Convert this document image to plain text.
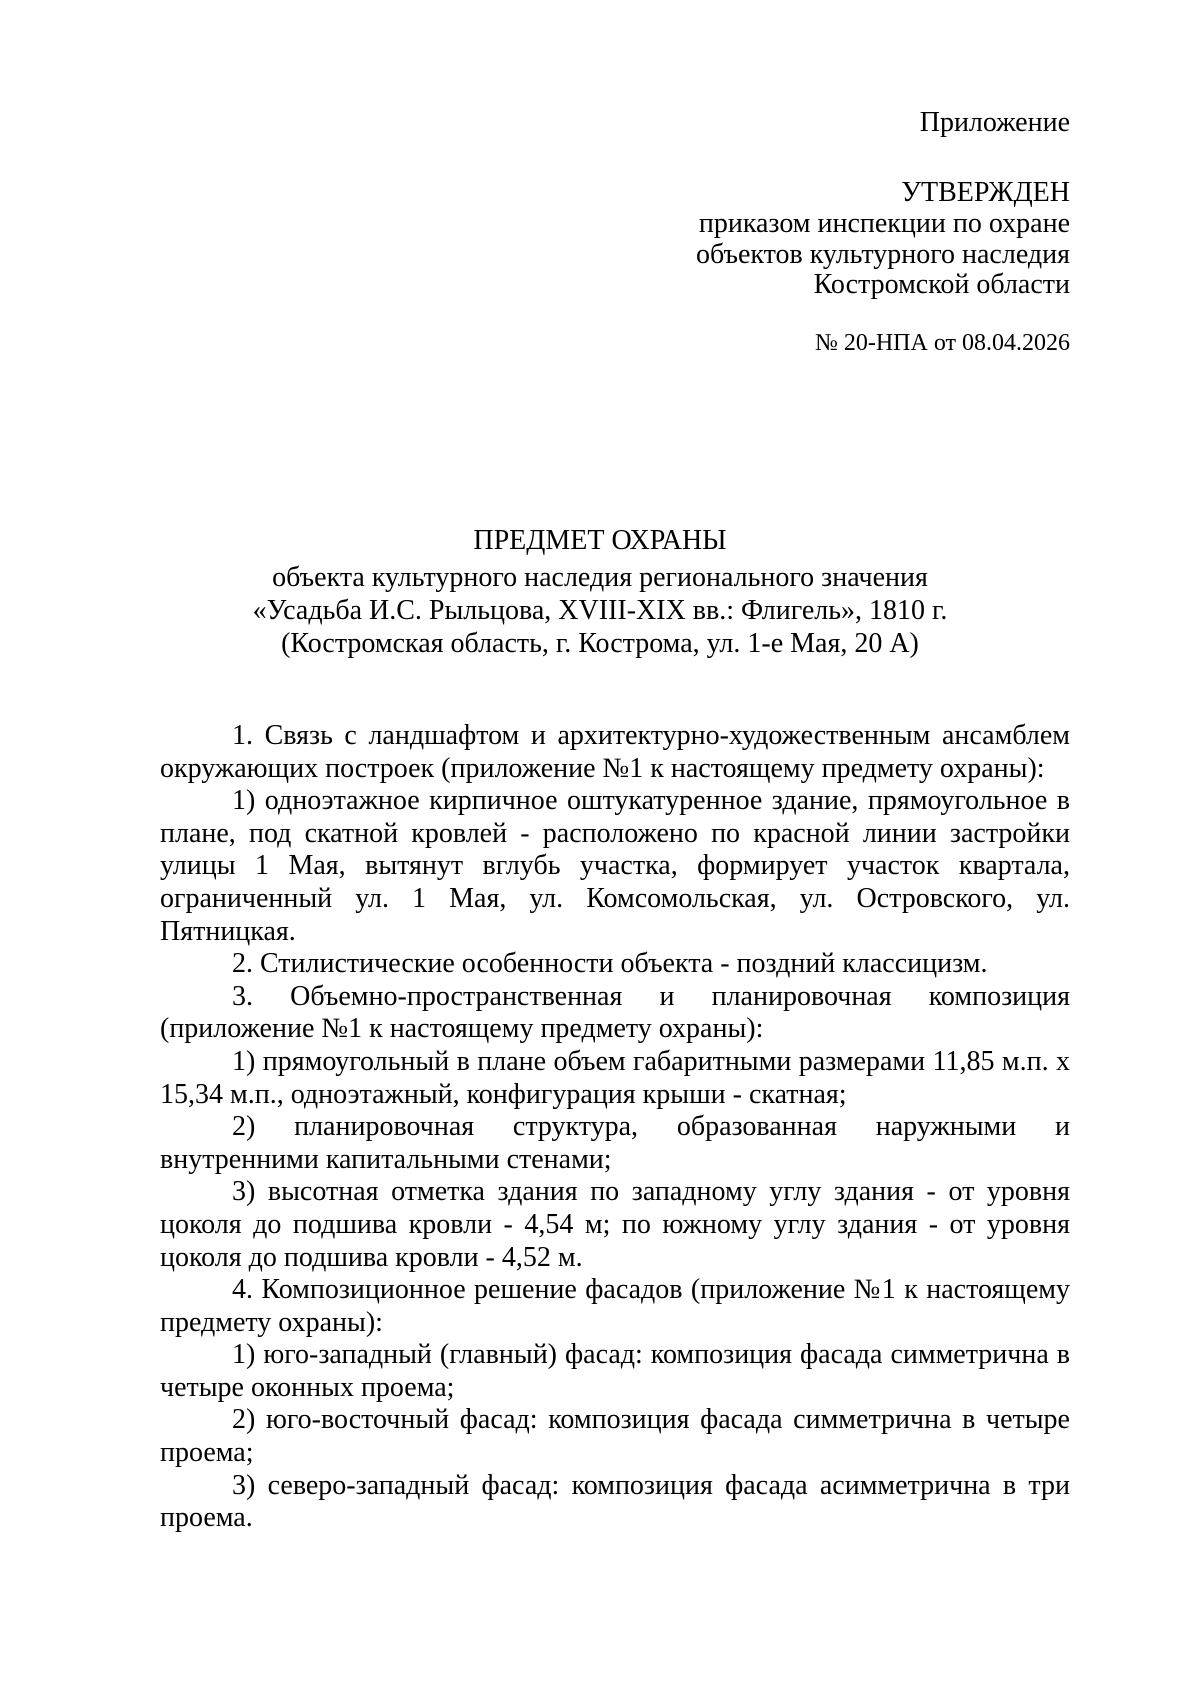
Приложение
УТВЕРЖДЕН
приказом инспекции по охране
объектов культурного наследия
Костромской области
№ 20-НПА от 08.04.2026
ПРЕДМЕТ ОХРАНЫ
объекта культурного наследия регионального значения
«Усадьба И.С. Рыльцова, XVIII-XIX вв.: Флигель», 1810 г.
(Костромская область, г. Кострома, ул. 1-е Мая, 20 А)

1. Связь с ландшафтом и архитектурно-художественным ансамблем окружающих построек (приложение №1 к настоящему предмету охраны):

1) одноэтажное кирпичное оштукатуренное здание, прямоугольное в плане, под скатной кровлей - расположено по красной линии застройки улицы 1 Мая, вытянут вглубь участка, формирует участок квартала, ограниченный ул. 1 Мая, ул. Комсомольская, ул. Островского, ул. Пятницкая.

2. Стилистические особенности объекта - поздний классицизм.

3. Объемно-пространственная и планировочная композиция (приложение №1 к настоящему предмету охраны):

1) прямоугольный в плане объем габаритными размерами 11,85 м.п. х 15,34 м.п., одноэтажный, конфигурация крыши - скатная;

2) планировочная структура, образованная наружными и внутренними капитальными стенами;

3) высотная отметка здания по западному углу здания - от уровня цоколя до подшива кровли - 4,54 м; по южному углу здания - от уровня цоколя до подшива кровли - 4,52 м.

4. Композиционное решение фасадов (приложение №1 к настоящему предмету охраны):

1) юго-западный (главный) фасад: композиция фасада симметрична в четыре оконных проема;

2) юго-восточный фасад: композиция фасада симметрична в четыре проема;

3) северо-западный фасад: композиция фасада асимметрична в три проема.
